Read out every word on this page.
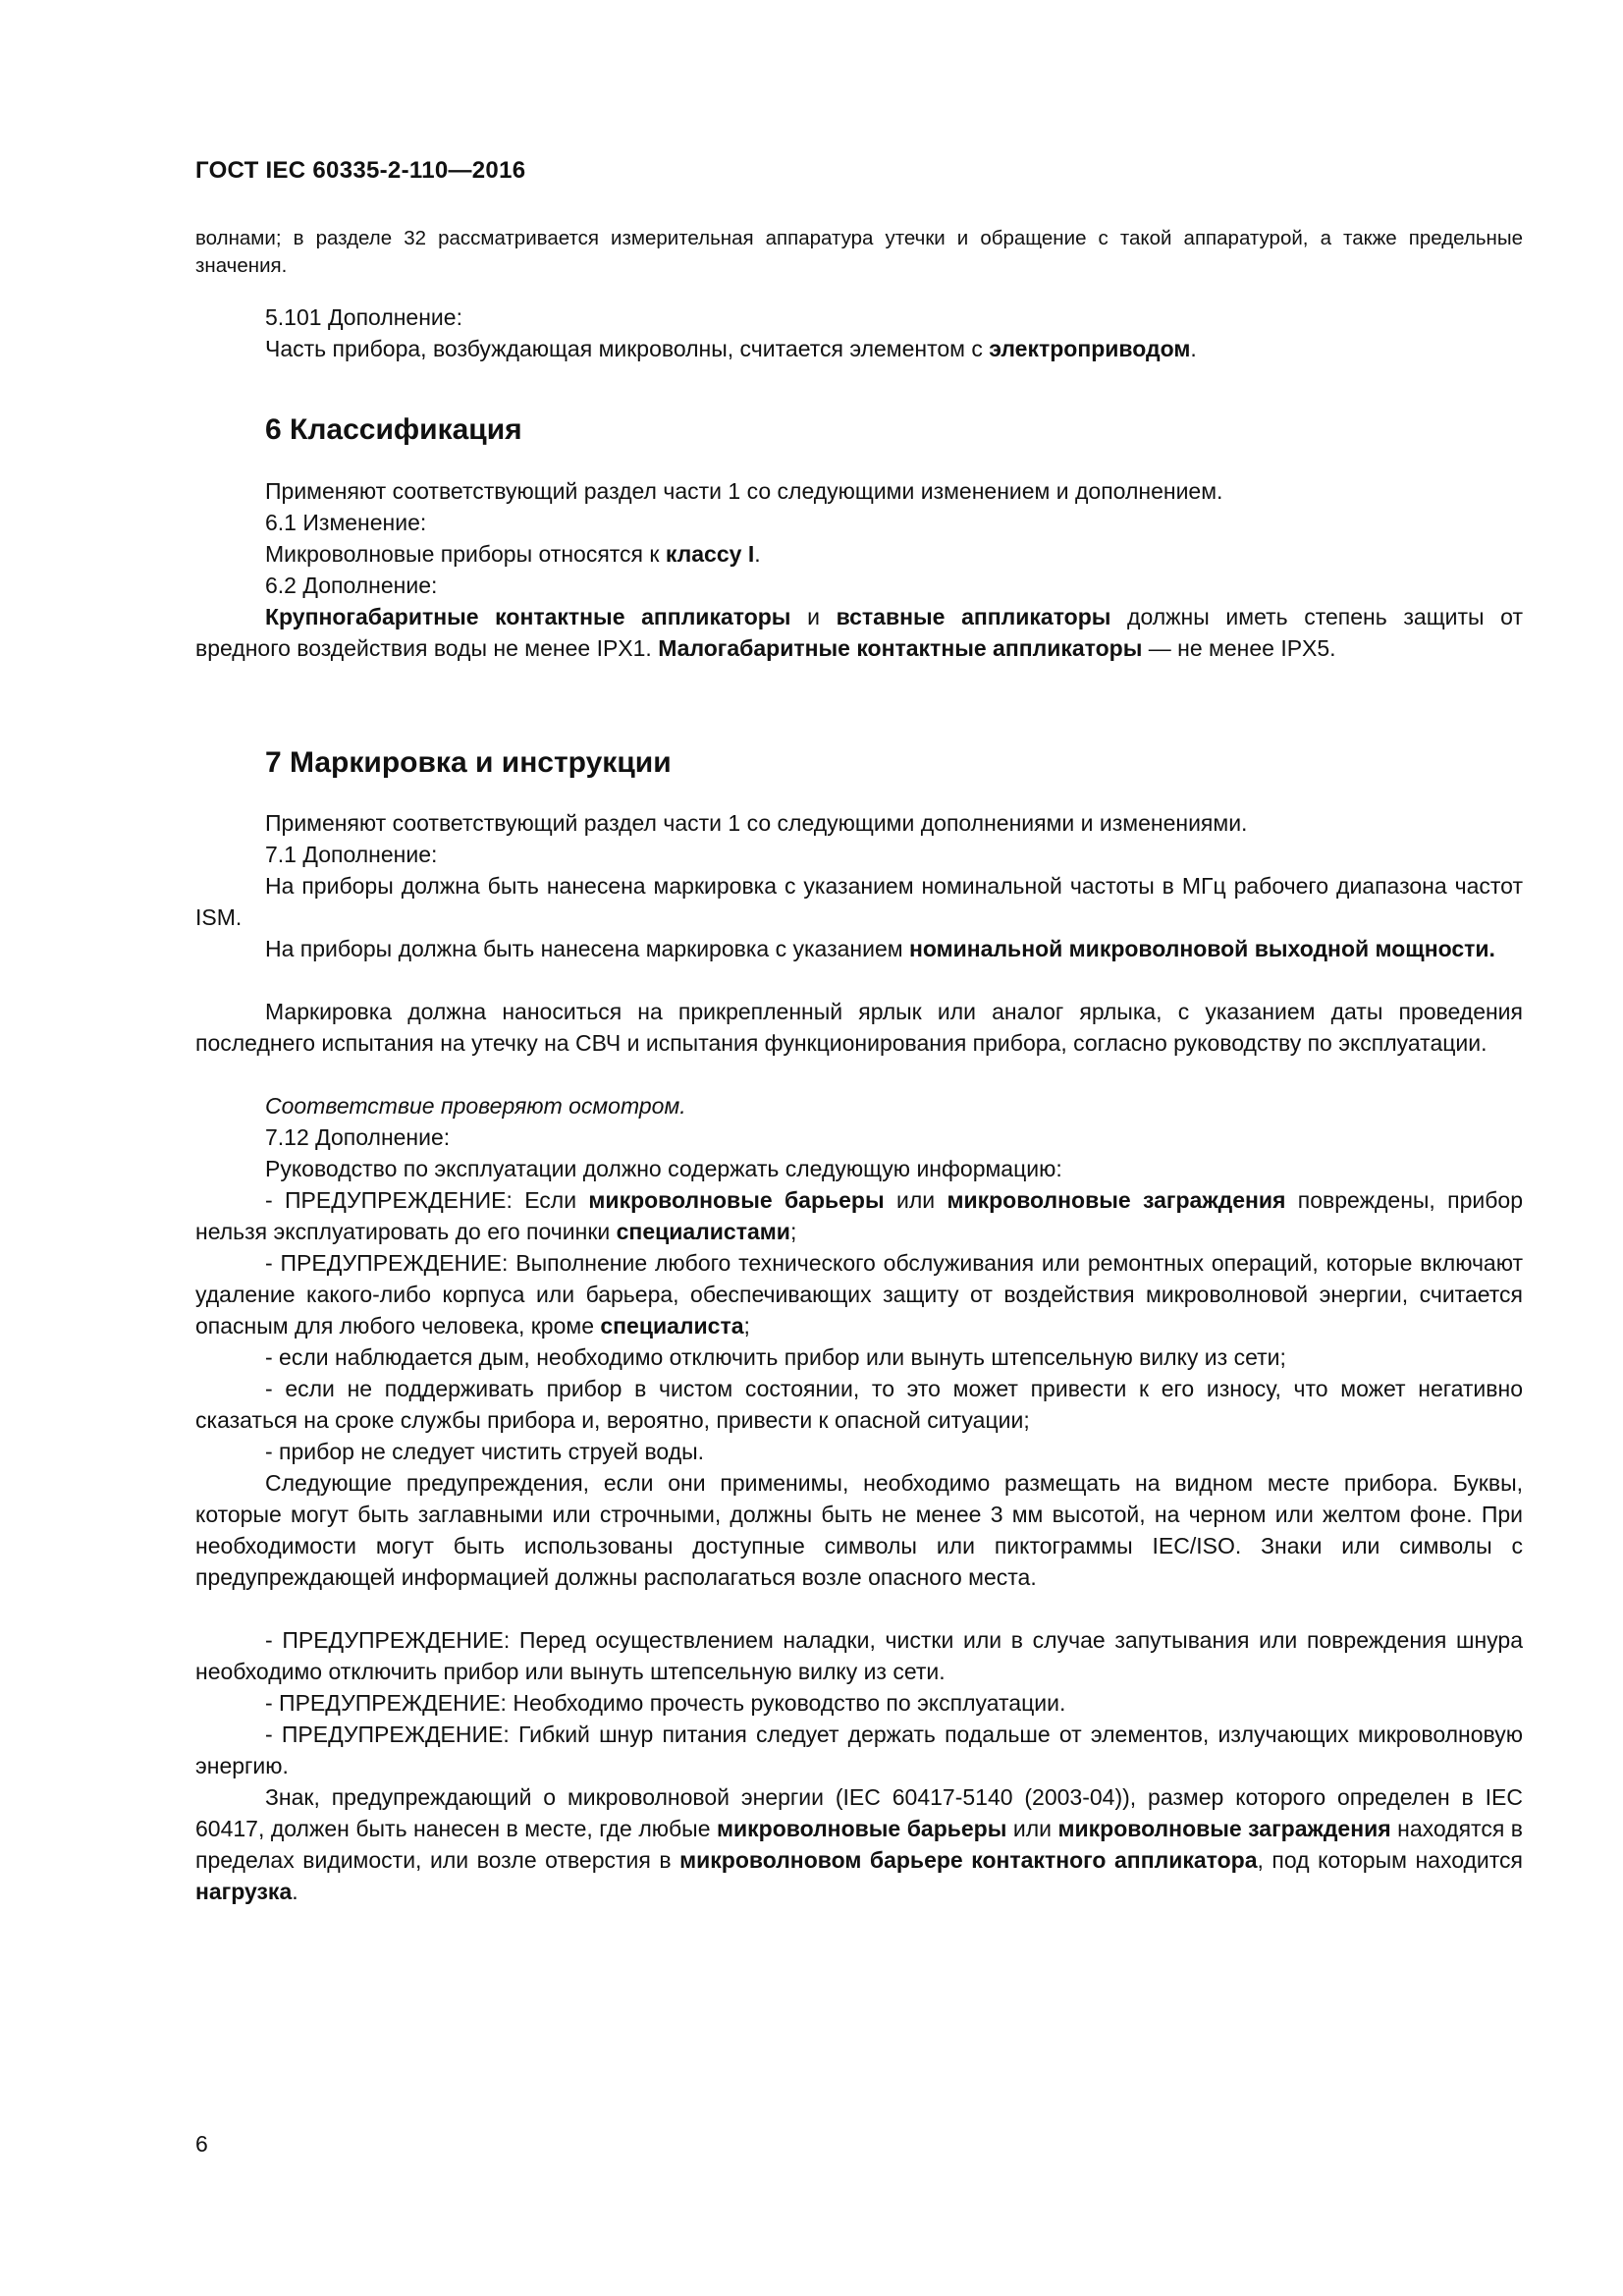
ГОСТ IEC 60335-2-110—2016
волнами; в разделе 32 рассматривается измерительная аппаратура утечки и обращение с такой аппаратурой, а также предельные значения.
5.101 Дополнение:
Часть прибора, возбуждающая микроволны, считается элементом с электроприводом.
6 Классификация
Применяют соответствующий раздел части 1 со следующими изменением и дополнением.
6.1 Изменение:
Микроволновые приборы относятся к классу I.
6.2 Дополнение:
Крупногабаритные контактные аппликаторы и вставные аппликаторы должны иметь степень защиты от вредного воздействия воды не менее IPX1. Малогабаритные контактные аппликаторы — не менее IPX5.
7 Маркировка и инструкции
Применяют соответствующий раздел части 1 со следующими дополнениями и изменениями.
7.1 Дополнение:
На приборы должна быть нанесена маркировка с указанием номинальной частоты в МГц рабочего диапазона частот ISM.
На приборы должна быть нанесена маркировка с указанием номинальной микроволновой выходной мощности.
Маркировка должна наноситься на прикрепленный ярлык или аналог ярлыка, с указанием даты проведения последнего испытания на утечку на СВЧ и испытания функционирования прибора, согласно руководству по эксплуатации.
Соответствие проверяют осмотром.
7.12 Дополнение:
Руководство по эксплуатации должно содержать следующую информацию:
- ПРЕДУПРЕЖДЕНИЕ: Если микроволновые барьеры или микроволновые заграждения повреждены, прибор нельзя эксплуатировать до его починки специалистами;
- ПРЕДУПРЕЖДЕНИЕ: Выполнение любого технического обслуживания или ремонтных операций, которые включают удаление какого-либо корпуса или барьера, обеспечивающих защиту от воздействия микроволновой энергии, считается опасным для любого человека, кроме специалиста;
- если наблюдается дым, необходимо отключить прибор или вынуть штепсельную вилку из сети;
- если не поддерживать прибор в чистом состоянии, то это может привести к его износу, что может негативно сказаться на сроке службы прибора и, вероятно, привести к опасной ситуации;
- прибор не следует чистить струей воды.
Следующие предупреждения, если они применимы, необходимо размещать на видном месте прибора. Буквы, которые могут быть заглавными или строчными, должны быть не менее 3 мм высотой, на черном или желтом фоне. При необходимости могут быть использованы доступные символы или пиктограммы IEC/ISO. Знаки или символы с предупреждающей информацией должны располагаться возле опасного места.
- ПРЕДУПРЕЖДЕНИЕ: Перед осуществлением наладки, чистки или в случае запутывания или повреждения шнура необходимо отключить прибор или вынуть штепсельную вилку из сети.
- ПРЕДУПРЕЖДЕНИЕ: Необходимо прочесть руководство по эксплуатации.
- ПРЕДУПРЕЖДЕНИЕ: Гибкий шнур питания следует держать подальше от элементов, излучающих микроволновую энергию.
Знак, предупреждающий о микроволновой энергии (IEC 60417-5140 (2003-04)), размер которого определен в IEC 60417, должен быть нанесен в месте, где любые микроволновые барьеры или микроволновые заграждения находятся в пределах видимости, или возле отверстия в микроволновом барьере контактного аппликатора, под которым находится нагрузка.
6
